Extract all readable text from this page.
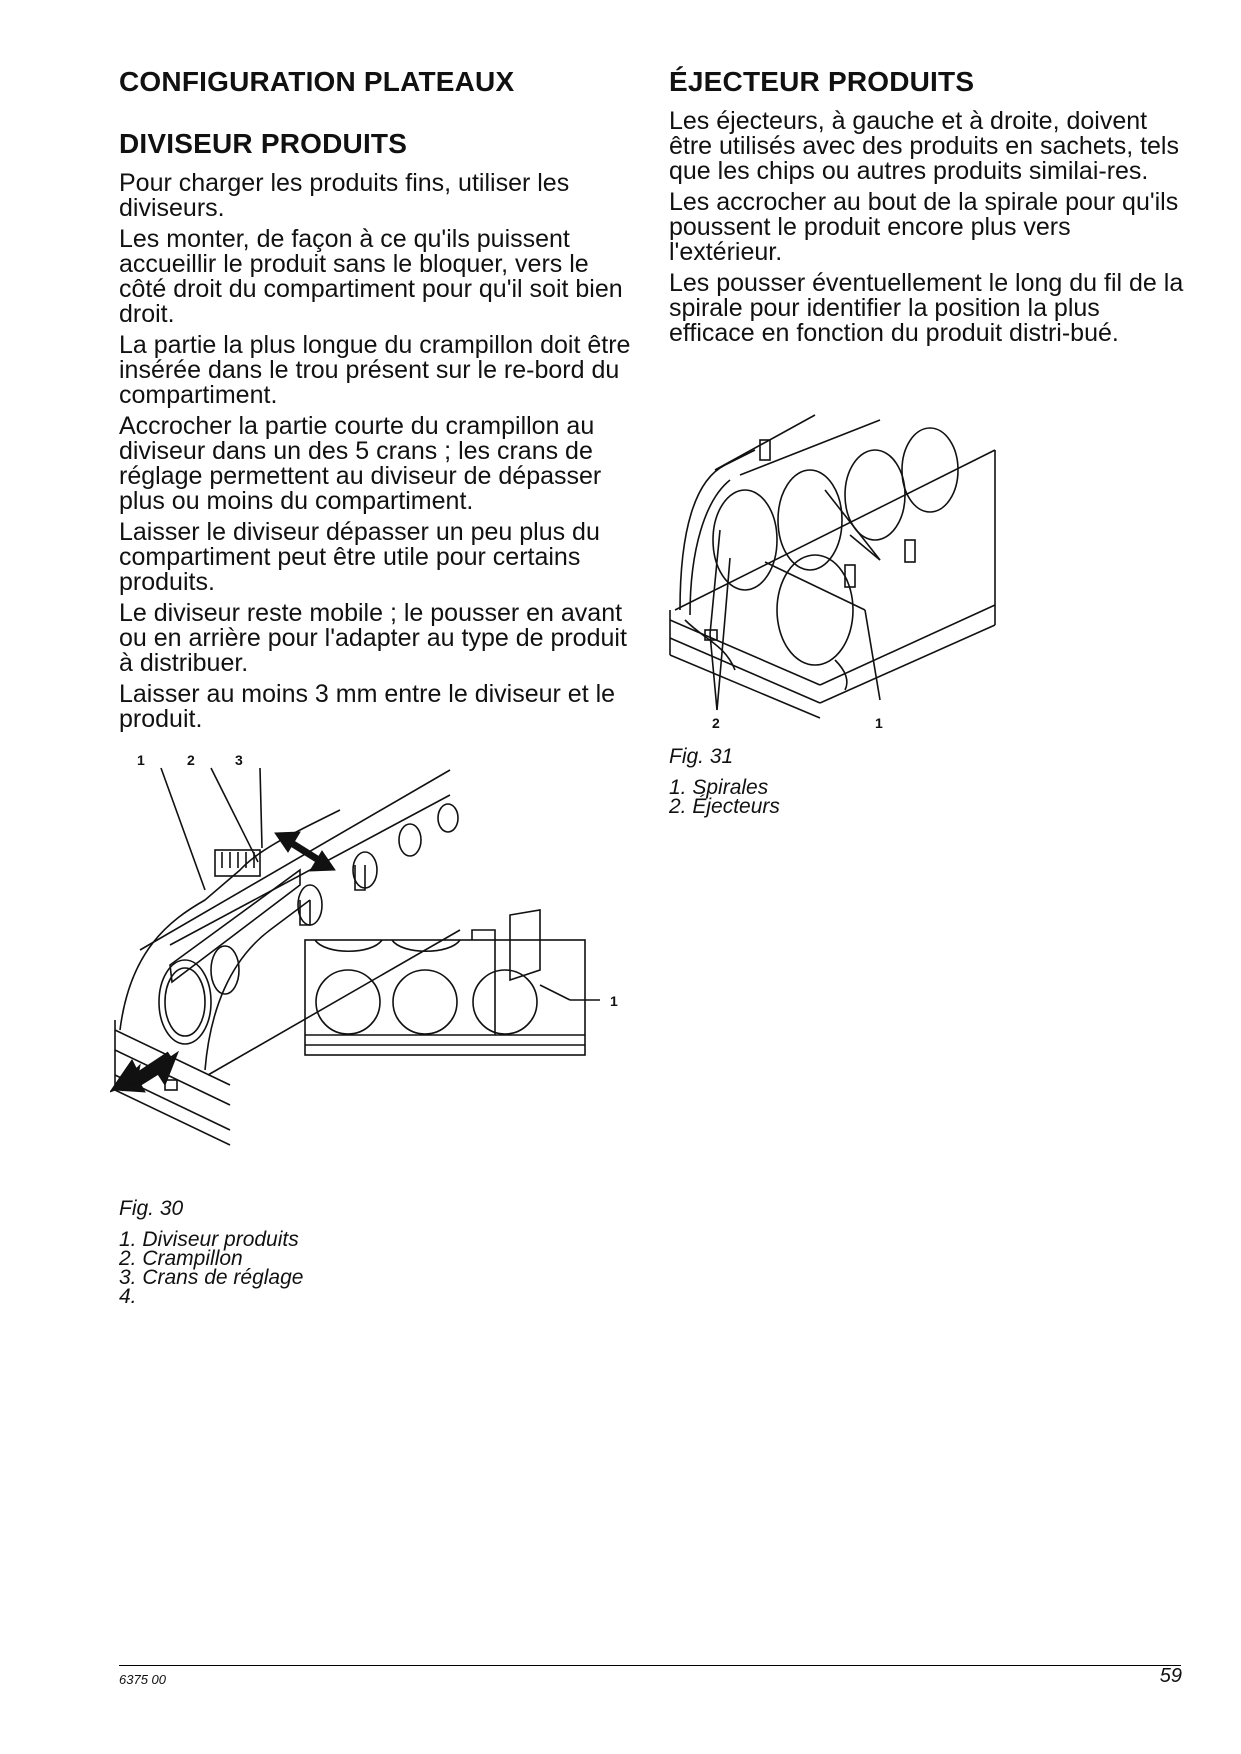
CONFIGURATION PLATEAUX
DIVISEUR PRODUITS

Pour charger les produits fins, utiliser les diviseurs.

Les monter, de façon à ce qu'ils puissent accueillir le produit sans le bloquer, vers le côté droit du compartiment pour qu'il soit bien droit.

La partie la plus longue du crampillon doit être insérée dans le trou présent sur le re-bord du compartiment.

Accrocher la partie courte du crampillon au diviseur dans un des 5 crans ; les crans de réglage permettent au diviseur de dépasser plus ou moins du compartiment.

Laisser le diviseur dépasser un peu plus du compartiment peut être utile pour certains produits.

Le diviseur reste mobile ; le pousser en avant ou en arrière pour l'adapter au type de produit à distribuer.

Laisser au moins 3 mm entre le diviseur et le produit.

1	2	3
1

Fig. 30

1. Diviseur produits

2. Crampillon

3. Crans de réglage

4.

ÉJECTEUR PRODUITS

Les éjecteurs, à gauche et à droite, doivent être utilisés avec des produits en sachets, tels que les chips ou autres produits similai-res.

Les accrocher au bout de la spirale pour qu'ils poussent le produit encore plus vers l'extérieur.

Les pousser éventuellement le long du fil de la spirale pour identifier la position la plus efficace en fonction du produit distri-bué.

2	1

Fig. 31

1. Spirales

2. Éjecteurs

6375 00	59
